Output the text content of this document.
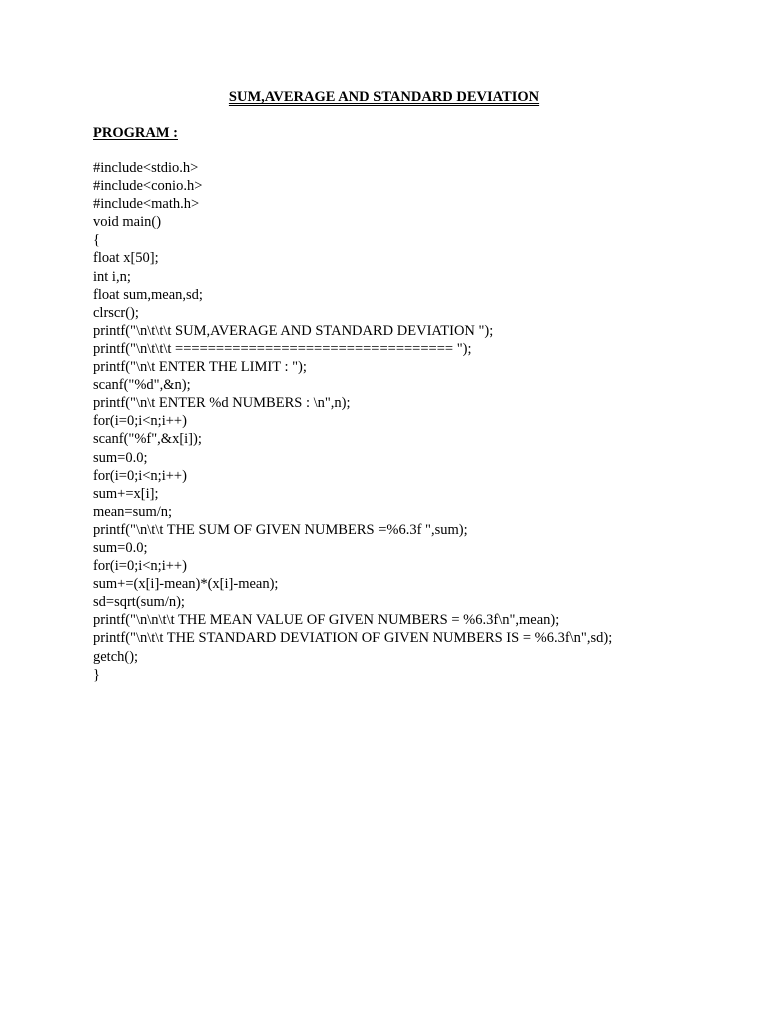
SUM,AVERAGE AND STANDARD DEVIATION
PROGRAM :
#include<stdio.h>
#include<conio.h>
#include<math.h>
void main()
{
float x[50];
int i,n;
float sum,mean,sd;
clrscr();
printf("\n\t\t\t SUM,AVERAGE AND STANDARD DEVIATION ");
printf("\n\t\t\t ================================== ");
printf("\n\t ENTER THE LIMIT : ");
scanf("%d",&n);
printf("\n\t ENTER %d NUMBERS : \n",n);
for(i=0;i<n;i++)
scanf("%f",&x[i]);
sum=0.0;
for(i=0;i<n;i++)
sum+=x[i];
mean=sum/n;
printf("\n\t\t THE SUM OF GIVEN NUMBERS =%6.3f ",sum);
sum=0.0;
for(i=0;i<n;i++)
sum+=(x[i]-mean)*(x[i]-mean);
sd=sqrt(sum/n);
printf("\n\n\t\t THE MEAN VALUE OF GIVEN NUMBERS = %6.3f\n",mean);
printf("\n\t\t THE STANDARD DEVIATION OF GIVEN NUMBERS IS = %6.3f\n",sd);
getch();
}
